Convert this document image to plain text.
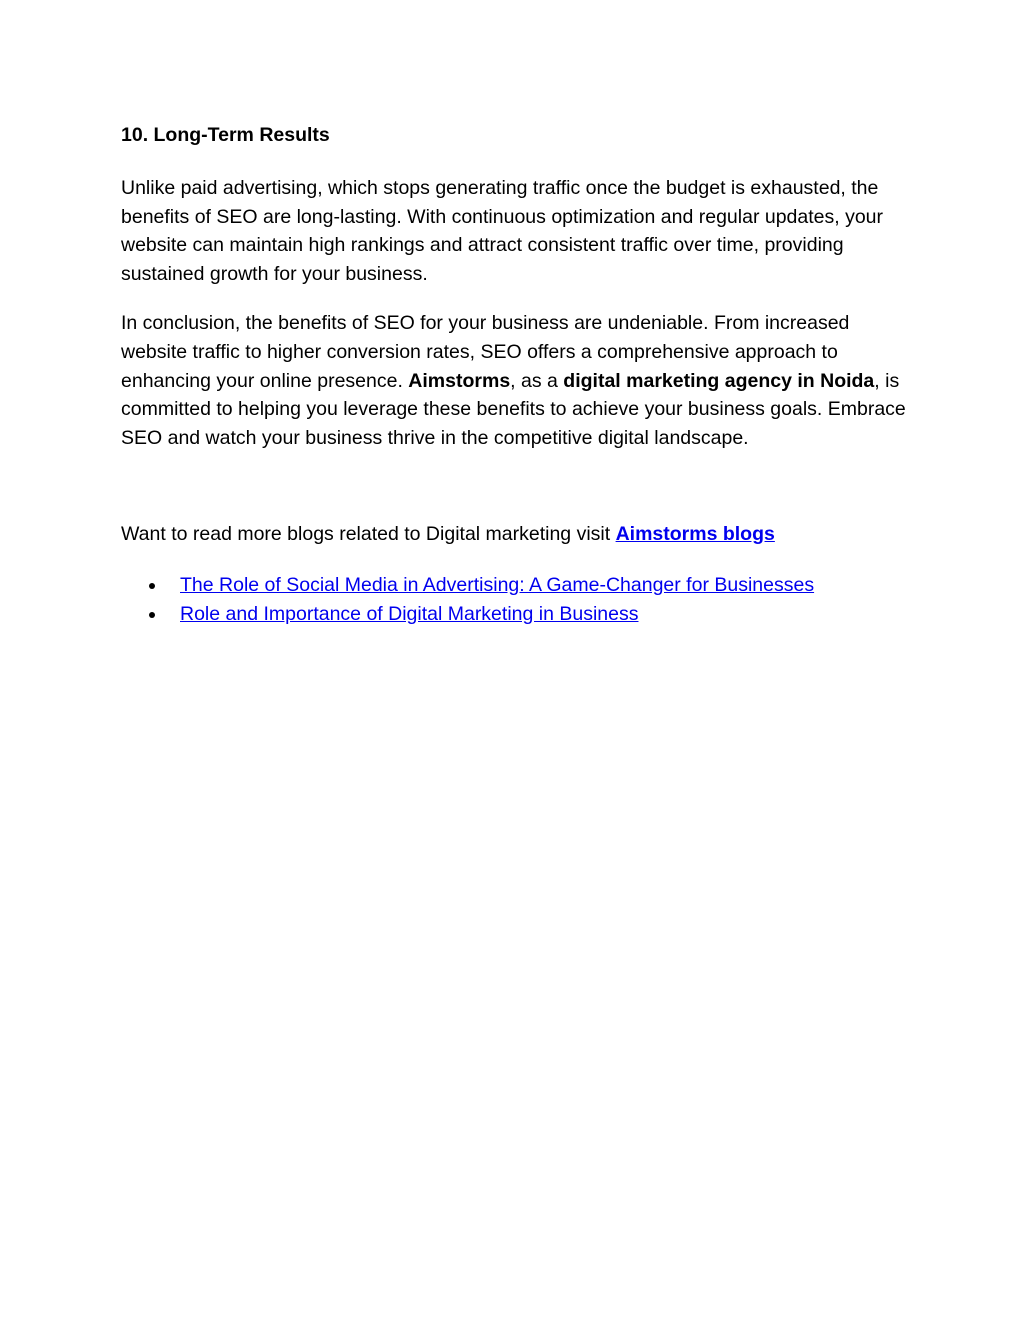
10. Long-Term Results

Unlike paid advertising, which stops generating traffic once the budget is exhausted, the benefits of SEO are long-lasting. With continuous optimization and regular updates, your website can maintain high rankings and attract consistent traffic over time, providing sustained growth for your business.

In conclusion, the benefits of SEO for your business are undeniable. From increased website traffic to higher conversion rates, SEO offers a comprehensive approach to enhancing your online presence. Aimstorms, as a digital marketing agency in Noida, is committed to helping you leverage these benefits to achieve your business goals. Embrace SEO and watch your business thrive in the competitive digital landscape.

Want to read more blogs related to Digital marketing visit Aimstorms blogs

The Role of Social Media in Advertising: A Game-Changer for Businesses
Role and Importance of Digital Marketing in Business
